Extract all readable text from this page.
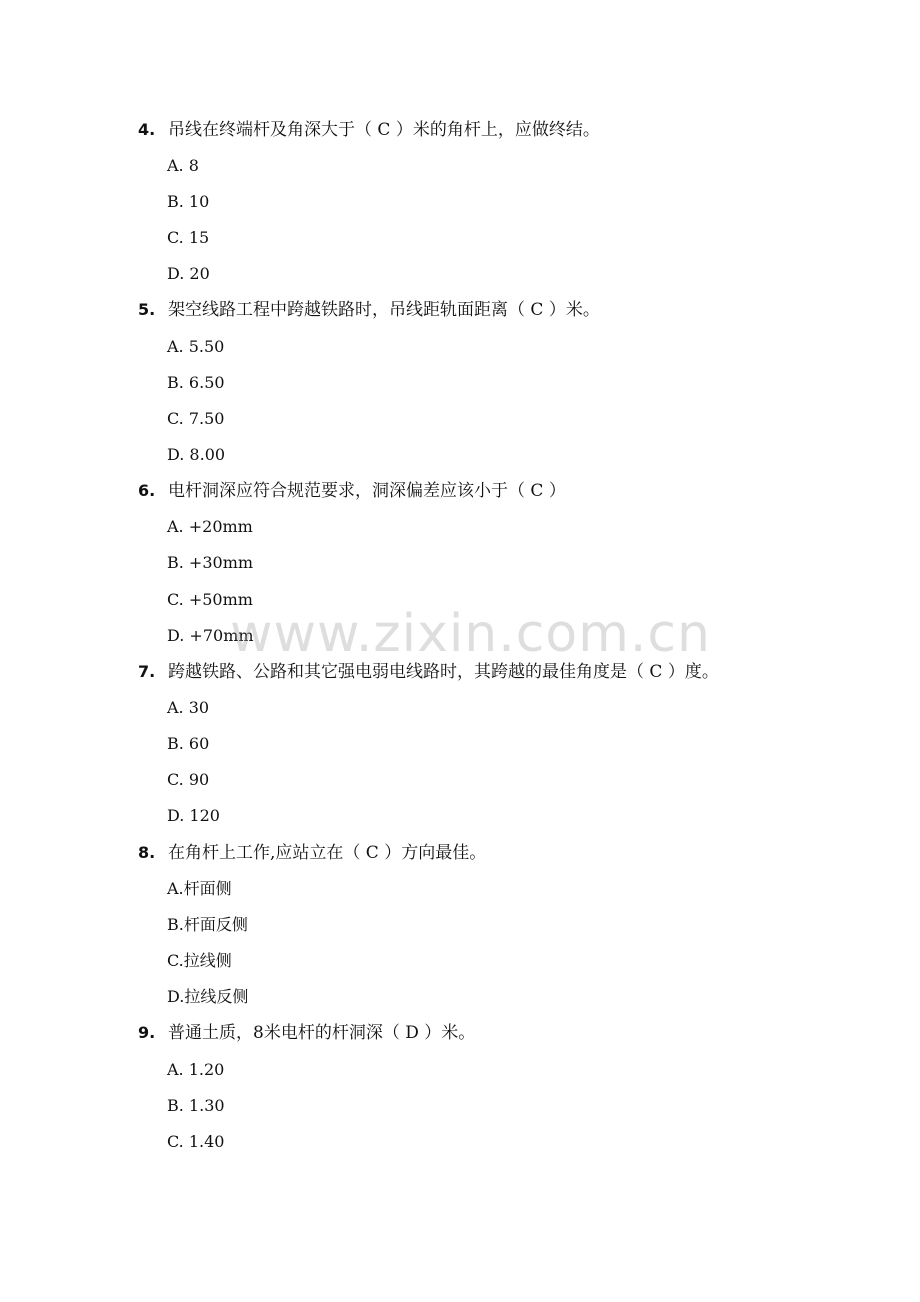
4. 吊线在终端杆及角深大于（ C ）米的角杆上，应做终结。
A. 8
B. 10
C. 15
D. 20
5. 架空线路工程中跨越铁路时，吊线距轨面距离（ C ）米。
A. 5.50
B. 6.50
C. 7.50
D. 8.00
6. 电杆洞深应符合规范要求，洞深偏差应该小于（ C ）
A. +20mm
B. +30mm
C. +50mm
D. +70mm
7. 跨越铁路、公路和其它强电弱电线路时，其跨越的最佳角度是（ C ）度。
A. 30
B. 60
C. 90
D. 120
8. 在角杆上工作,应站立在（ C ）方向最佳。
A.杆面侧
B.杆面反侧
C.拉线侧
D.拉线反侧
9. 普通土质，8米电杆的杆洞深（ D ）米。
A. 1.20
B. 1.30
C. 1.40
www.zixin.com.cn
